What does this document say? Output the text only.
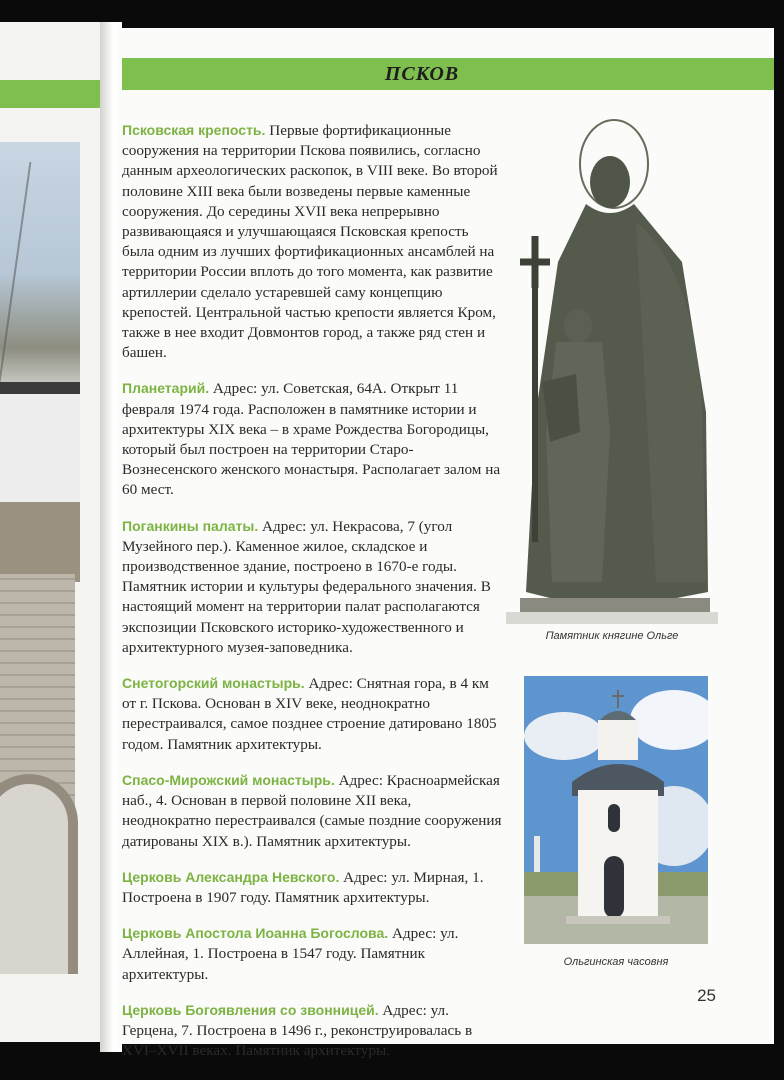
ПСКОВ

Псковская крепость. Первые фортификационные сооружения на территории Пскова появились, согласно данным археологических раскопок, в VIII веке. Во второй половине XIII века были возведены первые каменные сооружения. До середины XVII века непрерывно развивающаяся и улучшающаяся Псковская крепость была одним из лучших фортификационных ансамблей на территории России вплоть до того момента, как развитие артиллерии сделало устаревшей саму концепцию крепостей. Центральной частью крепости является Кром, также в нее входит Довмонтов город, а также ряд стен и башен.

Планетарий. Адрес: ул. Советская, 64А. Открыт 11 февраля 1974 года. Расположен в памятнике истории и архитектуры XIX века – в храме Рождества Богородицы, который был построен на территории Старо-Вознесенского женского монастыря. Располагает залом на 60 мест.

Поганкины палаты. Адрес: ул. Некрасова, 7 (угол Музейного пер.). Каменное жилое, складское и производственное здание, построено в 1670-е годы. Памятник истории и культуры федерального значения. В настоящий момент на территории палат располагаются экспозиции Псковского историко-художественного и архитектурного музея-заповедника.

Снетогорский монастырь. Адрес: Снятная гора, в 4 км от г. Пскова. Основан в XIV веке, неоднократно перестраивался, самое позднее строение датировано 1805 годом. Памятник архитектуры.

Спасо-Мирожский монастырь. Адрес: Красноармейская наб., 4. Основан в первой половине XII века, неоднократно перестраивался (самые поздние сооружения датированы XIX в.). Памятник архитектуры.

Церковь Александра Невского. Адрес: ул. Мирная, 1. Построена в 1907 году. Памятник архитектуры.

Церковь Апостола Иоанна Богослова. Адрес: ул. Аллейная, 1. Построена в 1547 году. Памятник архитектуры.

Церковь Богоявления со звонницей. Адрес: ул. Герцена, 7. Построена в 1496 г., реконструировалась в XVI–XVII веках. Памятник архитектуры.

Памятник княгине Ольге
Ольгинская часовня
25
